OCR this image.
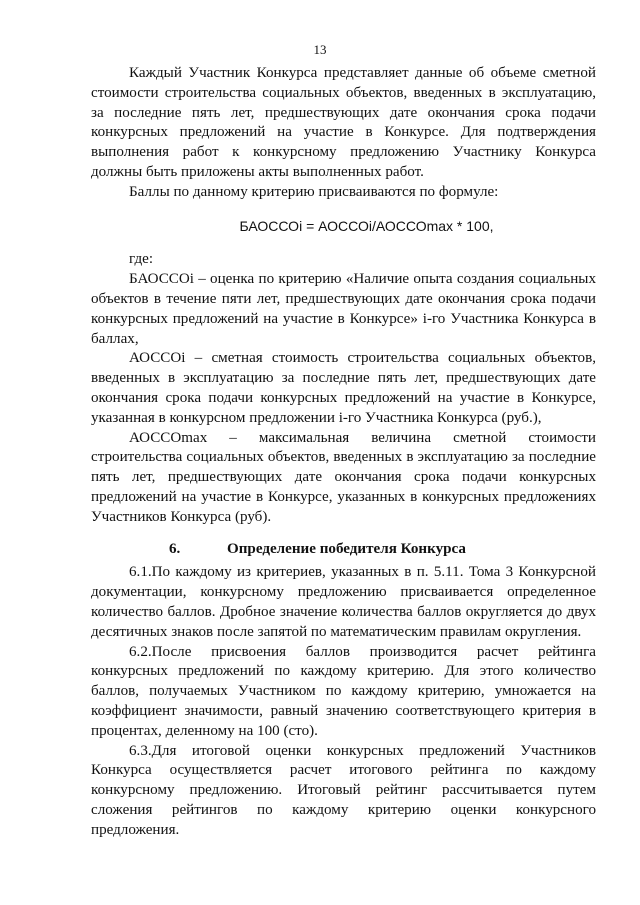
13

Каждый Участник Конкурса представляет данные об объеме сметной

стоимости строительства социальных объектов, введенных в эксплуатацию,

за последние пять лет, предшествующих дате окончания срока подачи

конкурсных предложений на участие в Конкурсе. Для подтверждения

выполнения работ к конкурсному предложению Участнику Конкурса

должны быть приложены акты выполненных работ.

Баллы по данному критерию присваиваются по формуле:

БАОССОi = АОССОi/АОССОmax * 100,

где:

БАОССОi – оценка по критерию «Наличие опыта создания социальных

объектов в течение пяти лет, предшествующих дате окончания срока подачи

конкурсных предложений на участие в Конкурсе» i-го Участника Конкурса в

баллах,

АОССОi – сметная стоимость строительства социальных объектов,

введенных в эксплуатацию за последние пять лет, предшествующих дате

окончания срока подачи конкурсных предложений на участие в Конкурсе,

указанная в конкурсном предложении i-го Участника Конкурса (руб.),

АОССОmax – максимальная величина сметной стоимости

строительства социальных объектов, введенных в эксплуатацию за последние

пять лет, предшествующих дате окончания срока подачи конкурсных

предложений на участие в Конкурсе, указанных в конкурсных предложениях

Участников Конкурса (руб).

6.	Определение победителя Конкурса

6.1.По каждому из критериев, указанных в п. 5.11. Тома 3 Конкурсной

документации, конкурсному предложению присваивается определенное

количество баллов. Дробное значение количества баллов округляется до двух

десятичных знаков после запятой по математическим правилам округления.

6.2.После присвоения баллов производится расчет рейтинга

конкурсных предложений по каждому критерию. Для этого количество

баллов, получаемых Участником по каждому критерию, умножается на

коэффициент значимости, равный значению соответствующего критерия в

процентах, деленному на 100 (сто).

6.3.Для итоговой оценки конкурсных предложений Участников

Конкурса осуществляется расчет итогового рейтинга по каждому

конкурсному предложению. Итоговый рейтинг рассчитывается путем

сложения рейтингов по каждому критерию оценки конкурсного

предложения.
